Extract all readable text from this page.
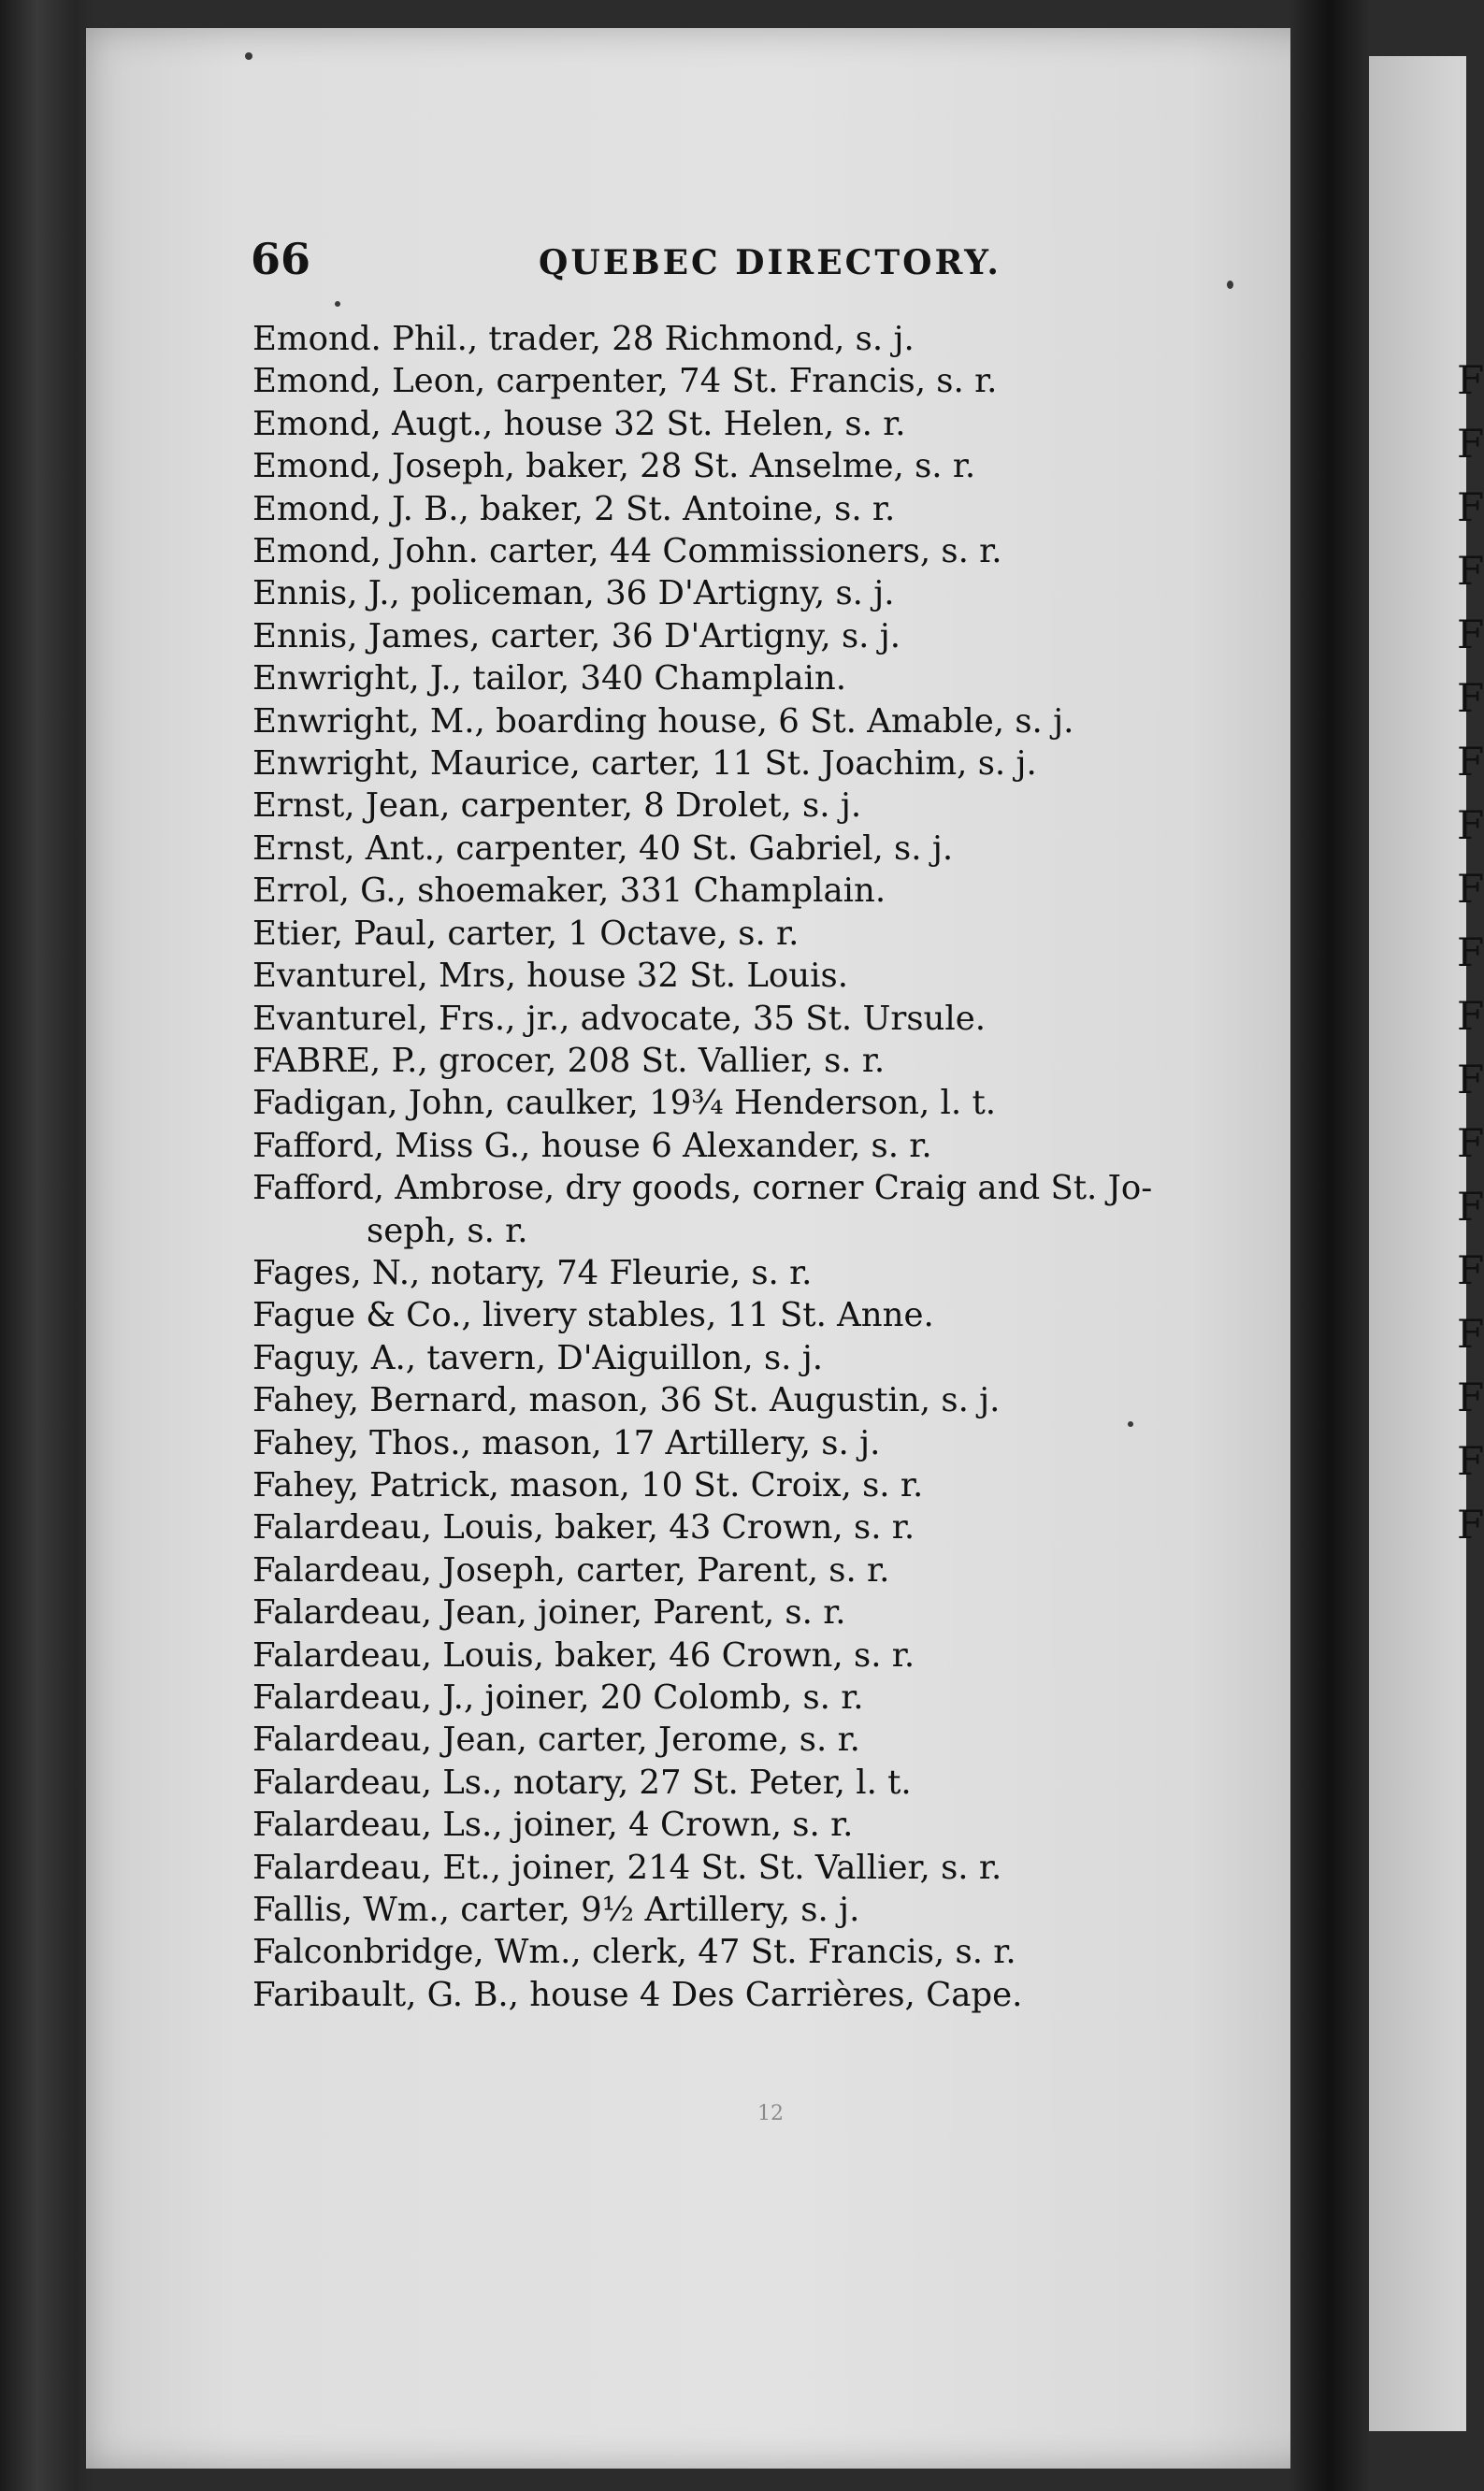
F
F
F
F
F
F
F
F
F
F
F
F
F
F
F
F
F
F
F
66	QUEBEC DIRECTORY.
Emond. Phil., trader, 28 Richmond, s. j.
Emond, Leon, carpenter, 74 St. Francis, s. r.
Emond, Augt., house 32 St. Helen, s. r.
Emond, Joseph, baker, 28 St. Anselme, s. r.
Emond, J. B., baker, 2 St. Antoine, s. r.
Emond, John. carter, 44 Commissioners, s. r.
Ennis, J., policeman, 36 D'Artigny, s. j.
Ennis, James, carter, 36 D'Artigny, s. j.
Enwright, J., tailor, 340 Champlain.
Enwright, M., boarding house, 6 St. Amable, s. j.
Enwright, Maurice, carter, 11 St. Joachim, s. j.
Ernst, Jean, carpenter, 8 Drolet, s. j.
Ernst, Ant., carpenter, 40 St. Gabriel, s. j.
Errol, G., shoemaker, 331 Champlain.
Etier, Paul, carter, 1 Octave, s. r.
Evanturel, Mrs, house 32 St. Louis.
Evanturel, Frs., jr., advocate, 35 St. Ursule.
FABRE, P., grocer, 208 St. Vallier, s. r.
Fadigan, John, caulker, 19¾ Henderson, l. t.
Fafford, Miss G., house 6 Alexander, s. r.
Fafford, Ambrose, dry goods, corner Craig and St. Jo-
seph, s. r.
Fages, N., notary, 74 Fleurie, s. r.
Fague & Co., livery stables, 11 St. Anne.
Faguy, A., tavern, D'Aiguillon, s. j.
Fahey, Bernard, mason, 36 St. Augustin, s. j.
Fahey, Thos., mason, 17 Artillery, s. j.
Fahey, Patrick, mason, 10 St. Croix, s. r.
Falardeau, Louis, baker, 43 Crown, s. r.
Falardeau, Joseph, carter, Parent, s. r.
Falardeau, Jean, joiner, Parent, s. r.
Falardeau, Louis, baker, 46 Crown, s. r.
Falardeau, J., joiner, 20 Colomb, s. r.
Falardeau, Jean, carter, Jerome, s. r.
Falardeau, Ls., notary, 27 St. Peter, l. t.
Falardeau, Ls., joiner, 4 Crown, s. r.
Falardeau, Et., joiner, 214 St. St. Vallier, s. r.
Fallis, Wm., carter, 9½ Artillery, s. j.
Falconbridge, Wm., clerk, 47 St. Francis, s. r.
Faribault, G. B., house 4 Des Carrières, Cape.
12
